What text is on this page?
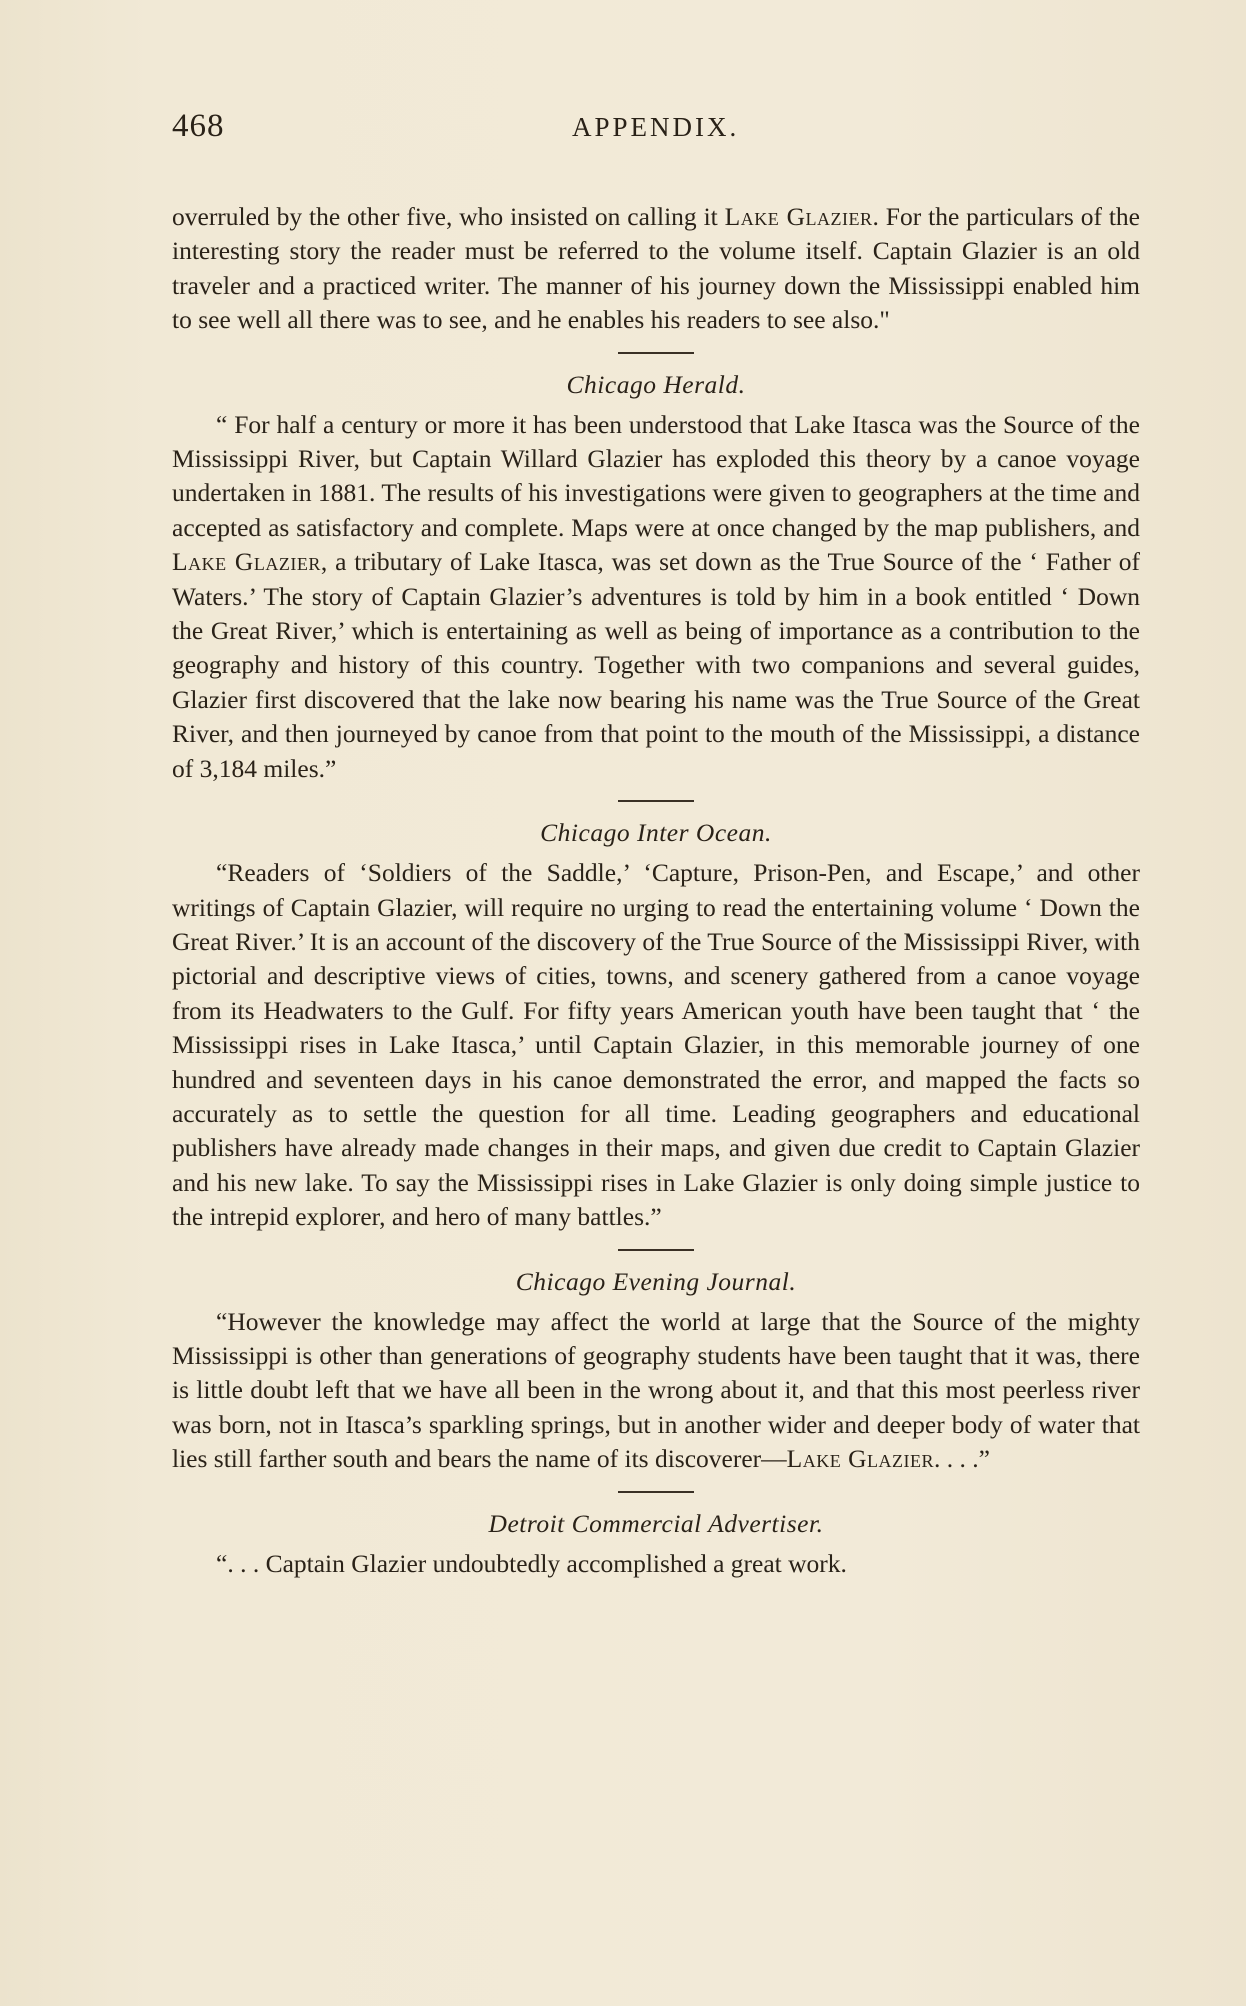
468	APPENDIX.

overruled by the other five, who insisted on calling it Lake Glazier. For the particulars of the interesting story the reader must be referred to the volume itself. Captain Glazier is an old traveler and a practiced writer. The manner of his journey down the Mississippi enabled him to see well all there was to see, and he enables his readers to see also."

Chicago Herald.

“ For half a century or more it has been understood that Lake Itasca was the Source of the Mississippi River, but Captain Willard Glazier has exploded this theory by a canoe voyage undertaken in 1881. The results of his investigations were given to geographers at the time and accepted as satisfactory and complete. Maps were at once changed by the map publishers, and Lake Glazier, a tributary of Lake Itasca, was set down as the True Source of the ‘ Father of Waters.’ The story of Captain Glazier’s adventures is told by him in a book entitled ‘ Down the Great River,’ which is entertaining as well as being of importance as a contribution to the geography and history of this country. Together with two companions and several guides, Glazier first discovered that the lake now bearing his name was the True Source of the Great River, and then journeyed by canoe from that point to the mouth of the Mississippi, a distance of 3,184 miles.”

Chicago Inter Ocean.

“Readers of ‘Soldiers of the Saddle,’ ‘Capture, Prison-Pen, and Escape,’ and other writings of Captain Glazier, will require no urging to read the entertaining volume ‘ Down the Great River.’ It is an account of the discovery of the True Source of the Mississippi River, with pictorial and descriptive views of cities, towns, and scenery gathered from a canoe voyage from its Headwaters to the Gulf. For fifty years American youth have been taught that ‘ the Mississippi rises in Lake Itasca,’ until Captain Glazier, in this memorable journey of one hundred and seventeen days in his canoe demonstrated the error, and mapped the facts so accurately as to settle the question for all time. Leading geographers and educational publishers have already made changes in their maps, and given due credit to Captain Glazier and his new lake. To say the Mississippi rises in Lake Glazier is only doing simple justice to the intrepid explorer, and hero of many battles.”

Chicago Evening Journal.

“However the knowledge may affect the world at large that the Source of the mighty Mississippi is other than generations of geography students have been taught that it was, there is little doubt left that we have all been in the wrong about it, and that this most peerless river was born, not in Itasca’s sparkling springs, but in another wider and deeper body of water that lies still farther south and bears the name of its discoverer—Lake Glazier. . . .”

Detroit Commercial Advertiser.

“. . . Captain Glazier undoubtedly accomplished a great work.
